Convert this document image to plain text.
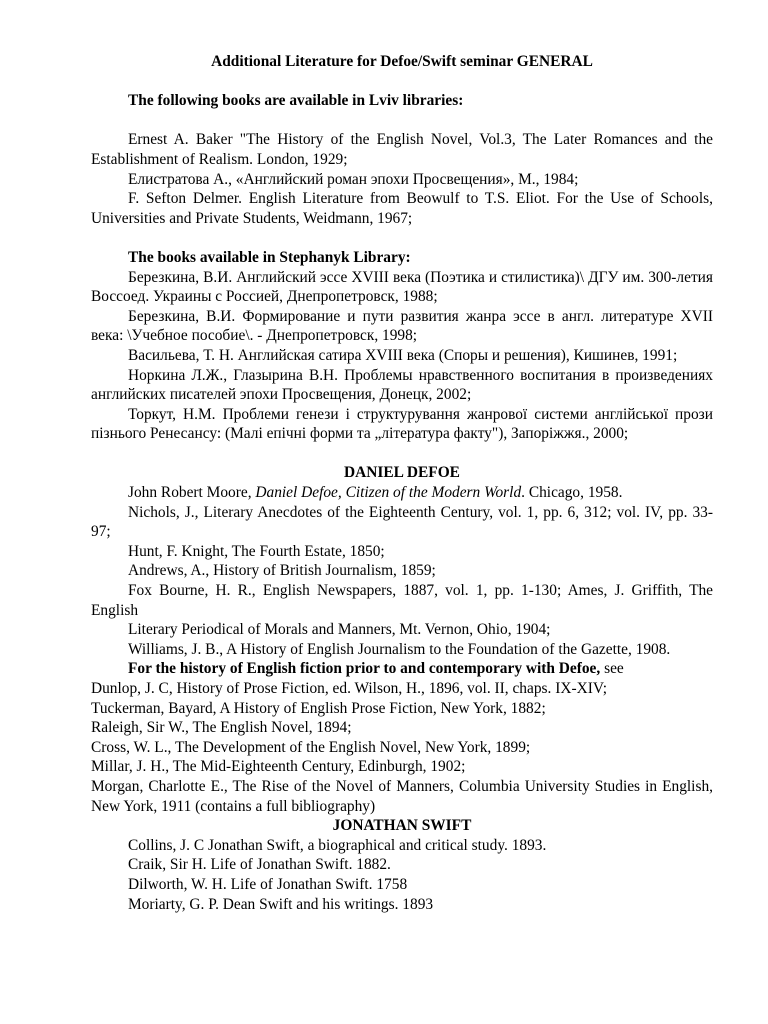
Additional Literature for Defoe/Swift seminar GENERAL

The following books are available in Lviv libraries:

Ernest A. Baker "The History of the English Novel, Vol.3, The Later Romances and the Establishment of Realism. London, 1929;

Елистратова А., «Английский роман эпохи Просвещения», М., 1984;

F. Sefton Delmer. English Literature from Beowulf to T.S. Eliot. For the Use of Schools, Universities and Private Students, Weidmann, 1967;

The books available in Stephanyk Library:

Березкина, В.И. Английский эссе XVIII века (Поэтика и стилистика)\ ДГУ им. 300-летия Воссоед. Украины с Россией, Днепропетровск, 1988;

Березкина, В.И. Формирование и пути развития жанра эссе в англ. литературе XVII века: \Учебное пособие\. - Днепропетровск, 1998;

Васильева, Т. Н. Английская сатира XVIII века (Споры и решения), Кишинев, 1991;

Норкина Л.Ж., Глазырина В.Н. Проблемы нравственного воспитания в произведениях английских писателей эпохи Просвещения, Донецк, 2002;

Торкут, Н.М. Проблеми генези і структурування жанрової системи англійської прози пізнього Ренесансу: (Малі епічні форми та „література факту"), Запоріжжя., 2000;

DANIEL DEFOE

John Robert Moore, Daniel Defoe, Citizen of the Modern World. Chicago, 1958.

Nichols, J., Literary Anecdotes of the Eighteenth Century, vol. 1, pp. 6, 312; vol. IV, pp. 33-97;

Hunt, F. Knight, The Fourth Estate, 1850;

Andrews, A., History of British Journalism, 1859;

Fox Bourne, H. R., English Newspapers, 1887, vol. 1, pp. 1-130; Ames, J. Griffith, The English

Literary Periodical of Morals and Manners, Mt. Vernon, Ohio, 1904;

Williams, J. B., A History of English Journalism to the Foundation of the Gazette, 1908.

For the history of English fiction prior to and contemporary with Defoe, see

Dunlop, J. C, History of Prose Fiction, ed. Wilson, H., 1896, vol. II, chaps. IX-XIV;

Tuckerman, Bayard, A History of English Prose Fiction, New York, 1882;

Raleigh, Sir W., The English Novel, 1894;

Cross, W. L., The Development of the English Novel, New York, 1899;

Millar, J. H., The Mid-Eighteenth Century, Edinburgh, 1902;

Morgan, Charlotte E., The Rise of the Novel of Manners, Columbia University Studies in English, New York, 1911 (contains a full bibliography)

JONATHAN SWIFT

Collins, J. C Jonathan Swift, a biographical and critical study. 1893.

Craik, Sir H. Life of Jonathan Swift. 1882.

Dilworth, W. H. Life of Jonathan Swift. 1758

Moriarty, G. P. Dean Swift and his writings. 1893
